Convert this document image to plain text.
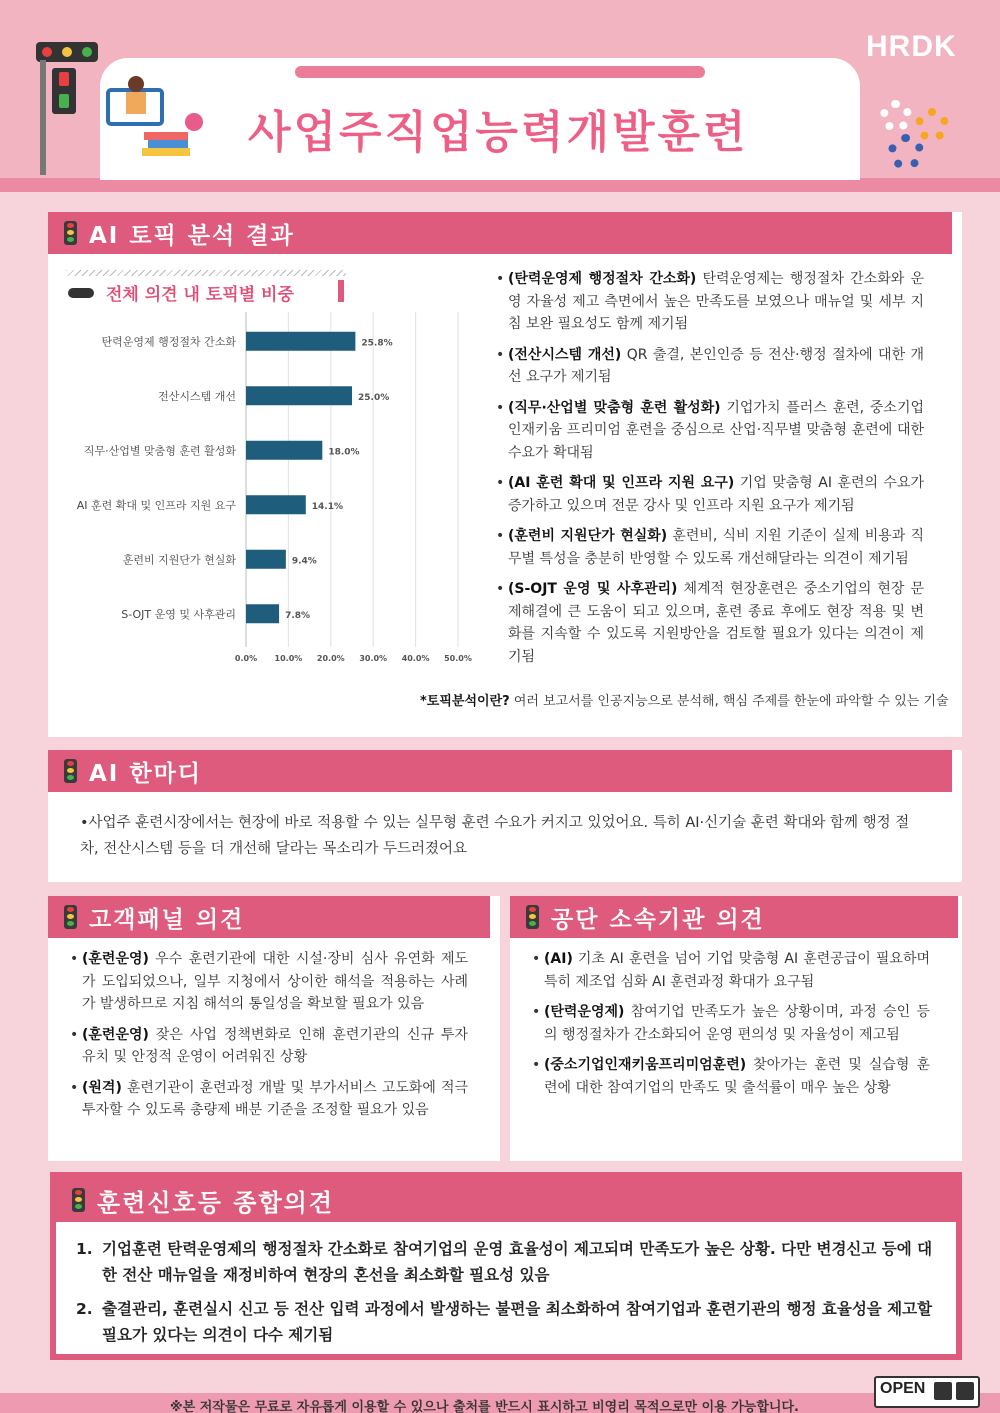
사업주직업능력개발훈련
HRDK
AI 토픽 분석 결과
전체 의견 내 토픽별 비중
0.0% 10.0% 20.0% 30.0% 40.0% 50.0%
탄력운영제 행정절차 간소화	25.8%
전산시스템 개선	25.0%
직무·산업별 맞춤형 훈련 활성화	18.0%
AI 훈련 확대 및 인프라 지원 요구	14.1%
훈련비 지원단가 현실화	9.4%
S-OJT 운영 및 사후관리	7.8%
• (탄력운영제 행정절차 간소화) 탄력운영제는 행정절차 간소화와 운영 자율성 제고 측면에서 높은 만족도를 보였으나 매뉴얼 및 세부 지침 보완 필요성도 함께 제기됨
• (전산시스템 개선) QR 출결, 본인인증 등 전산·행정 절차에 대한 개선 요구가 제기됨
• (직무·산업별 맞춤형 훈련 활성화) 기업가치 플러스 훈련, 중소기업 인재키움 프리미엄 훈련을 중심으로 산업·직무별 맞춤형 훈련에 대한 수요가 확대됨
• (AI 훈련 확대 및 인프라 지원 요구) 기업 맞춤형 AI 훈련의 수요가 증가하고 있으며 전문 강사 및 인프라 지원 요구가 제기됨
• (훈련비 지원단가 현실화) 훈련비, 식비 지원 기준이 실제 비용과 직무별 특성을 충분히 반영할 수 있도록 개선해달라는 의견이 제기됨
• (S-OJT 운영 및 사후관리) 체계적 현장훈련은 중소기업의 현장 문제해결에 큰 도움이 되고 있으며, 훈련 종료 후에도 현장 적용 및 변화를 지속할 수 있도록 지원방안을 검토할 필요가 있다는 의견이 제기됨
*토픽분석이란? 여러 보고서를 인공지능으로 분석해, 핵심 주제를 한눈에 파악할 수 있는 기술
AI 한마디
•사업주 훈련시장에서는 현장에 바로 적용할 수 있는 실무형 훈련 수요가 커지고 있었어요. 특히 AI·신기술 훈련 확대와 함께 행정 절차, 전산시스템 등을 더 개선해 달라는 목소리가 두드러졌어요
고객패널 의견
• (훈련운영) 우수 훈련기관에 대한 시설·장비 심사 유연화 제도가 도입되었으나, 일부 지청에서 상이한 해석을 적용하는 사례가 발생하므로 지침 해석의 통일성을 확보할 필요가 있음
• (훈련운영) 잦은 사업 정책변화로 인해 훈련기관의 신규 투자 유치 및 안정적 운영이 어려워진 상황
• (원격) 훈련기관이 훈련과정 개발 및 부가서비스 고도화에 적극 투자할 수 있도록 총량제 배분 기준을 조정할 필요가 있음
공단 소속기관 의견
• (AI) 기초 AI 훈련을 넘어 기업 맞춤형 AI 훈련공급이 필요하며 특히 제조업 심화 AI 훈련과정 확대가 요구됨
• (탄력운영제) 참여기업 만족도가 높은 상황이며, 과정 승인 등의 행정절차가 간소화되어 운영 편의성 및 자율성이 제고됨
• (중소기업인재키움프리미엄훈련) 찾아가는 훈련 및 실습형 훈련에 대한 참여기업의 만족도 및 출석률이 매우 높은 상황
훈련신호등 종합의견
1. 기업훈련 탄력운영제의 행정절차 간소화로 참여기업의 운영 효율성이 제고되며 만족도가 높은 상황. 다만 변경신고 등에 대한 전산 매뉴얼을 재정비하여 현장의 혼선을 최소화할 필요성 있음
2. 출결관리, 훈련실시 신고 등 전산 입력 과정에서 발생하는 불편을 최소화하여 참여기업과 훈련기관의 행정 효율성을 제고할 필요가 있다는 의견이 다수 제기됨
※본 저작물은 무료로 자유롭게 이용할 수 있으나 출처를 반드시 표시하고 비영리 목적으로만 이용 가능합니다.
OPEN
